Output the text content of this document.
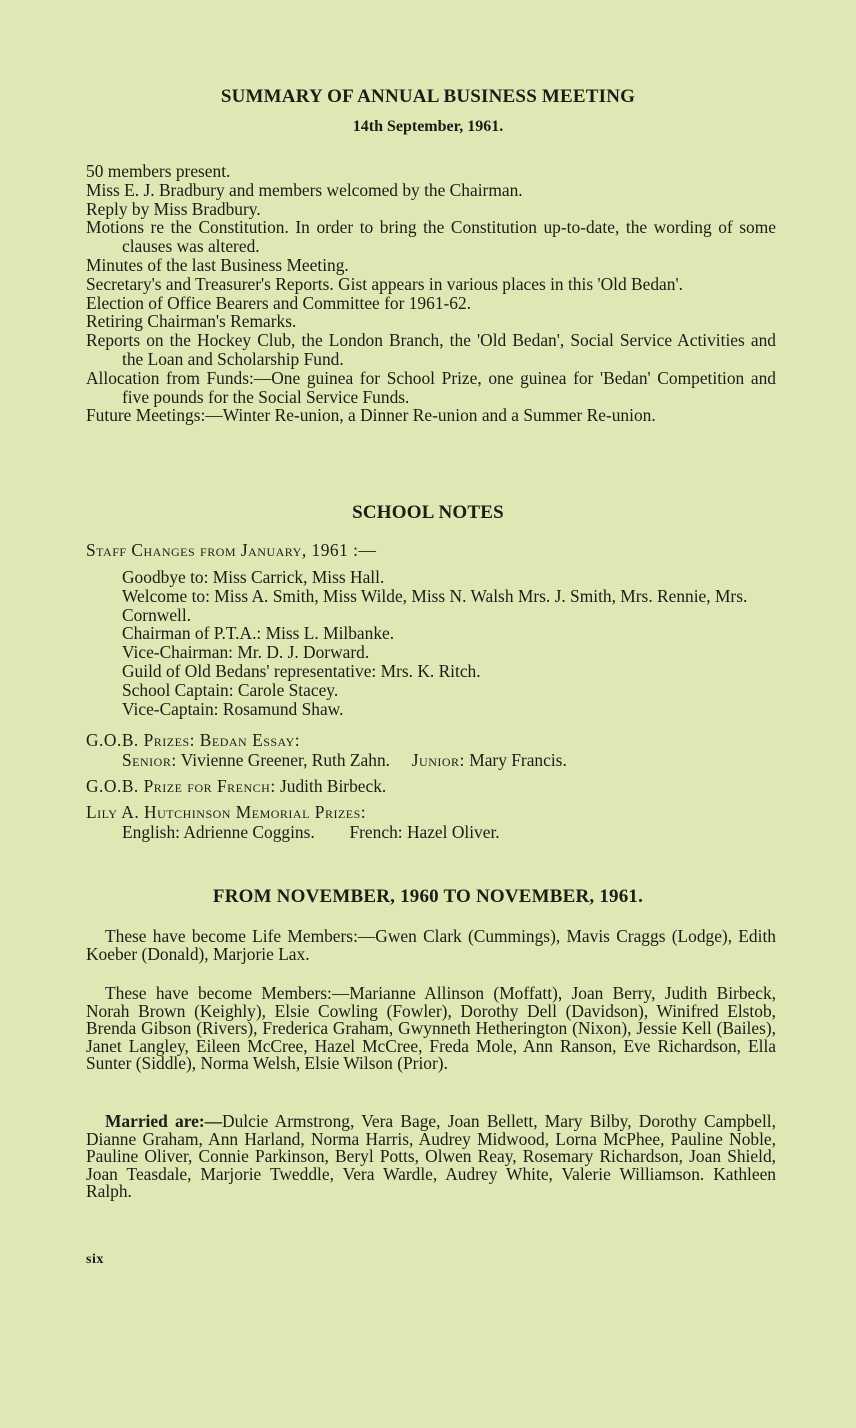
SUMMARY OF ANNUAL BUSINESS MEETING
14th September, 1961.

50 members present.

Miss E. J. Bradbury and members welcomed by the Chairman.

Reply by Miss Bradbury.

Motions re the Constitution. In order to bring the Constitution up-to-date, the wording of some clauses was altered.

Minutes of the last Business Meeting.

Secretary's and Treasurer's Reports. Gist appears in various places in this 'Old Bedan'.

Election of Office Bearers and Committee for 1961-62.

Retiring Chairman's Remarks.

Reports on the Hockey Club, the London Branch, the 'Old Bedan', Social Service Activities and the Loan and Scholarship Fund.

Allocation from Funds:—One guinea for School Prize, one guinea for 'Bedan' Competition and five pounds for the Social Service Funds.

Future Meetings:—Winter Re-union, a Dinner Re-union and a Summer Re-union.

SCHOOL NOTES
Staff Changes from January, 1961 :—

Goodbye to: Miss Carrick, Miss Hall.

Welcome to: Miss A. Smith, Miss Wilde, Miss N. Walsh Mrs. J. Smith, Mrs. Rennie, Mrs. Cornwell.

Chairman of P.T.A.: Miss L. Milbanke.

Vice-Chairman: Mr. D. J. Dorward.

Guild of Old Bedans' representative: Mrs. K. Ritch.

School Captain: Carole Stacey.

Vice-Captain: Rosamund Shaw.

G.O.B. Prizes: Bedan Essay:
Senior: Vivienne Greener, Ruth Zahn. Junior: Mary Francis.
G.O.B. Prize for French: Judith Birbeck.
Lily A. Hutchinson Memorial Prizes:
English: Adrienne Coggins. French: Hazel Oliver.
FROM NOVEMBER, 1960 TO NOVEMBER, 1961.

These have become Life Members:—Gwen Clark (Cummings), Mavis Craggs (Lodge), Edith Koeber (Donald), Marjorie Lax.

These have become Members:—Marianne Allinson (Moffatt), Joan Berry, Judith Birbeck, Norah Brown (Keighly), Elsie Cowling (Fowler), Dorothy Dell (Davidson), Winifred Elstob, Brenda Gibson (Rivers), Frederica Graham, Gwynneth Hetherington (Nixon), Jessie Kell (Bailes), Janet Langley, Eileen McCree, Hazel McCree, Freda Mole, Ann Ranson, Eve Richardson, Ella Sunter (Siddle), Norma Welsh, Elsie Wilson (Prior).

Married are:—Dulcie Armstrong, Vera Bage, Joan Bellett, Mary Bilby, Dorothy Campbell, Dianne Graham, Ann Harland, Norma Harris, Audrey Midwood, Lorna McPhee, Pauline Noble, Pauline Oliver, Connie Parkinson, Beryl Potts, Olwen Reay, Rosemary Richardson, Joan Shield, Joan Teasdale, Marjorie Tweddle, Vera Wardle, Audrey White, Valerie Williamson. Kathleen Ralph.

six
